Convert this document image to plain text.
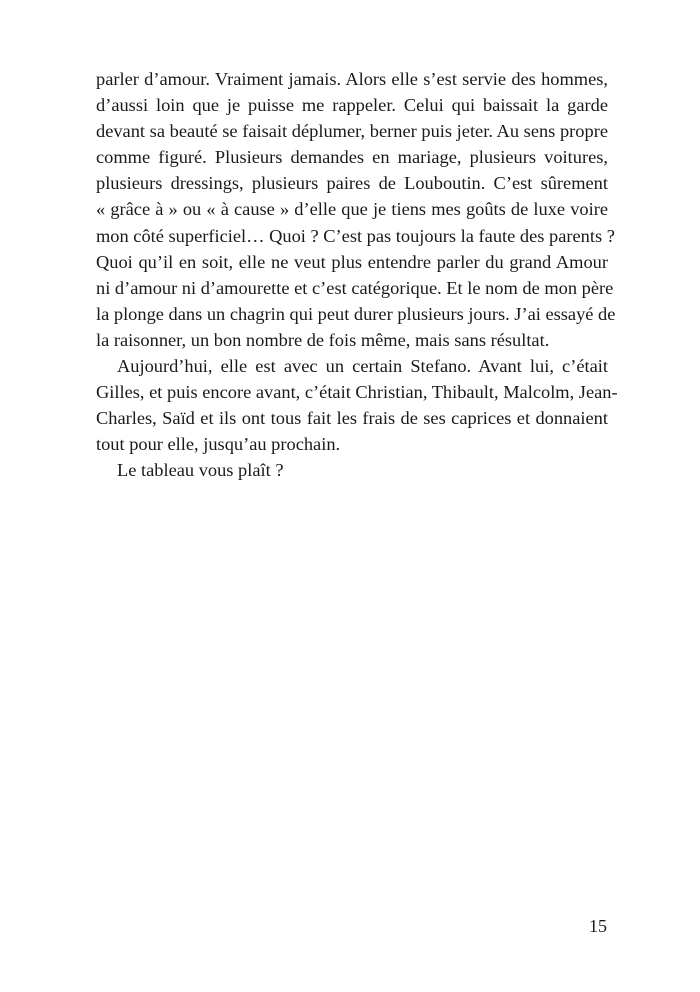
parler d’amour. Vraiment jamais. Alors elle s’est servie des hommes,
d’aussi loin que je puisse me rappeler. Celui qui baissait la garde
devant sa beauté se faisait déplumer, berner puis jeter. Au sens propre
comme figuré. Plusieurs demandes en mariage, plusieurs voitures,
plusieurs dressings, plusieurs paires de Louboutin. C’est sûrement
« grâce à » ou « à cause » d’elle que je tiens mes goûts de luxe voire
mon côté superficiel… Quoi ? C’est pas toujours la faute des parents ?
Quoi qu’il en soit, elle ne veut plus entendre parler du grand Amour
ni d’amour ni d’amourette et c’est catégorique. Et le nom de mon père
la plonge dans un chagrin qui peut durer plusieurs jours. J’ai essayé de
la raisonner, un bon nombre de fois même, mais sans résultat.
Aujourd’hui, elle est avec un certain Stefano. Avant lui, c’était
Gilles, et puis encore avant, c’était Christian, Thibault, Malcolm, Jean-
Charles, Saïd et ils ont tous fait les frais de ses caprices et donnaient
tout pour elle, jusqu’au prochain.
Le tableau vous plaît ?
15
